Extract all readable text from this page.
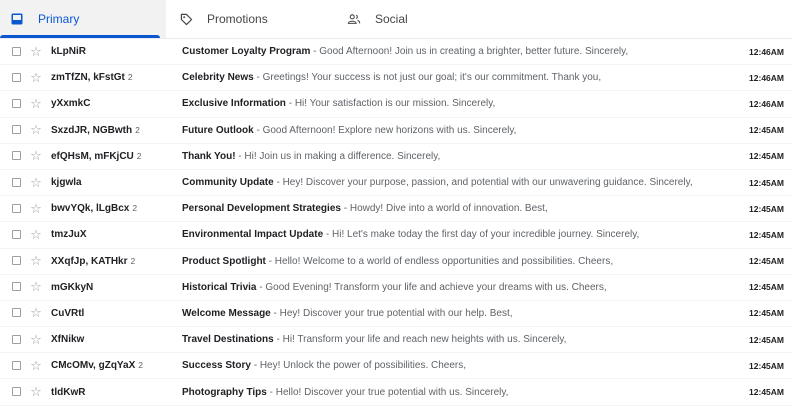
Primary	Promotions	Social
☆ kLpNiR	Customer Loyalty Program - Good Afternoon! Join us in creating a brighter, better future. Sincerely,	12:46AM
☆ zmTfZN, kFstGt 2	Celebrity News - Greetings! Your success is not just our goal; it's our commitment. Thank you,	12:46AM
☆ yXxmkC	Exclusive Information - Hi! Your satisfaction is our mission. Sincerely,	12:46AM
☆ SxzdJR, NGBwth 2	Future Outlook - Good Afternoon! Explore new horizons with us. Sincerely,	12:45AM
☆ efQHsM, mFKjCU 2	Thank You! - Hi! Join us in making a difference. Sincerely,	12:45AM
☆ kjgwla	Community Update - Hey! Discover your purpose, passion, and potential with our unwavering guidance. Sincerely,	12:45AM
☆ bwvYQk, lLgBcx 2	Personal Development Strategies - Howdy! Dive into a world of innovation. Best,	12:45AM
☆ tmzJuX	Environmental Impact Update - Hi! Let's make today the first day of your incredible journey. Sincerely,	12:45AM
☆ XXqfJp, KATHkr 2	Product Spotlight - Hello! Welcome to a world of endless opportunities and possibilities. Cheers,	12:45AM
☆ mGKkyN	Historical Trivia - Good Evening! Transform your life and achieve your dreams with us. Cheers,	12:45AM
☆ CuVRtl	Welcome Message - Hey! Discover your true potential with our help. Best,	12:45AM
☆ XfNikw	Travel Destinations - Hi! Transform your life and reach new heights with us. Sincerely,	12:45AM
☆ CMcOMv, gZqYaX 2	Success Story - Hey! Unlock the power of possibilities. Cheers,	12:45AM
☆ tldKwR	Photography Tips - Hello! Discover your true potential with us. Sincerely,	12:45AM
